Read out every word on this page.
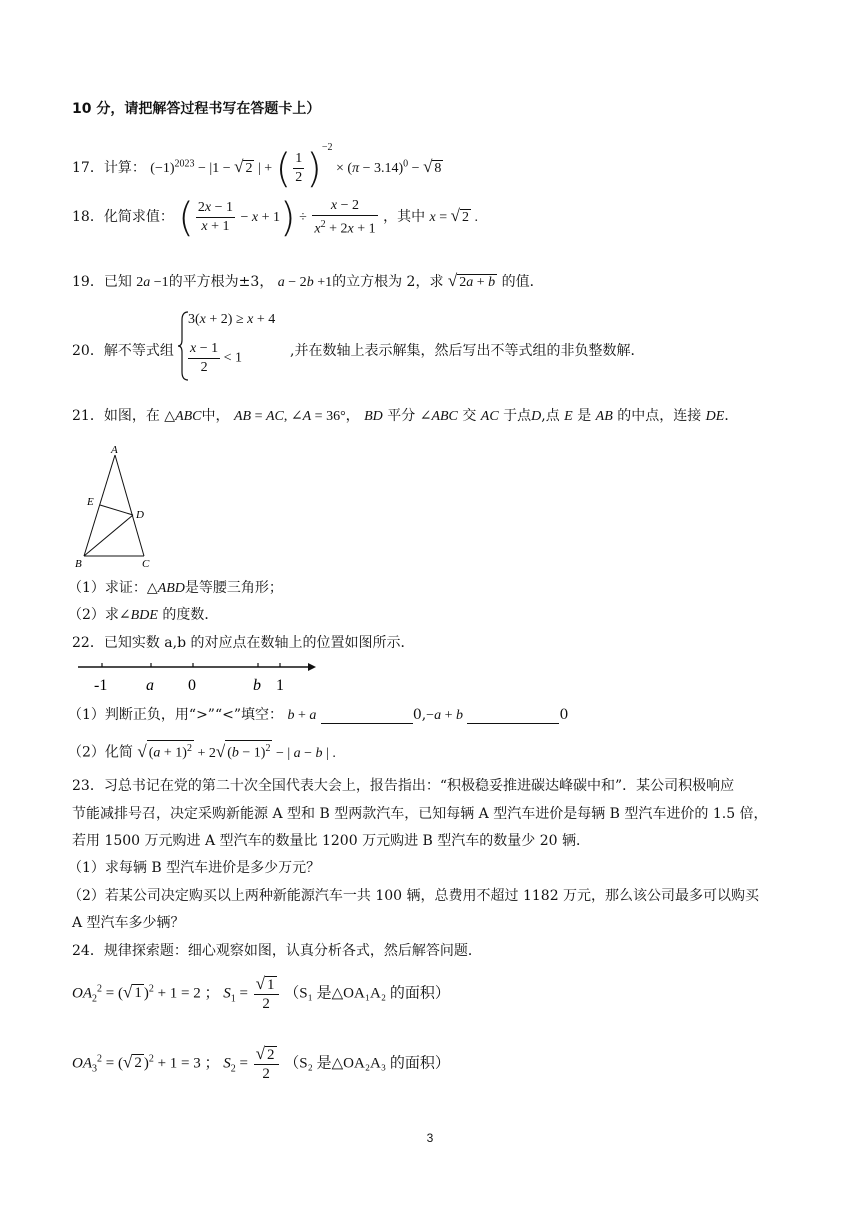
10 分，请把解答过程书写在答题卡上）
17．计算： $(-1)^{2023} - |1$ − √ 2 | + ( $\frac{1}{2} )^{-2} \times (\pi - 3.14)^0$ − √ 8
18．化简求值： ( $\frac{2x - 1}{x + 1} - x + 1) \div \frac{x - 2}{x^2 + 2x + 1}$ ，其中 x = √ 2 .
19．已知 2a −1的平方根为±3， a − 2b +1的立方根为 2，求 √ 2a + b 的值．
20．解不等式组
3(x + 2) ≥ x + 4
$\frac{x - 1}{2} < 1$	,并在数轴上表示解集，然后写出不等式组的非负整数解．
21．如图，在 △ABC中， AB = AC, ∠A = 36°， BD 平分 ∠ABC 交 AC 于点D,点 E 是 AB 的中点，连接 DE．
A
E
D
B	C
（1）求证：△ABD是等腰三角形；
（2）求∠BDE 的度数．
22．已知实数 a,b 的对应点在数轴上的位置如图所示．
-1 a 0	b 1
（1）判断正负，用“>”“<”填空： b + a	0,−a + b	0
（2）化简 √ $(a + 1)^2 + 2√$ $(b - 1)^2$ − | a − b | .
23．习总书记在党的第二十次全国代表大会上，报告指出：“积极稳妥推进碳达峰碳中和”．某公司积极响应
节能减排号召，决定采购新能源 A 型和 B 型两款汽车，已知每辆 A 型汽车进价是每辆 B 型汽车进价的 1.5 倍，
若用 1500 万元购进 A 型汽车的数量比 1200 万元购进 B 型汽车的数量少 20 辆．
（1）求每辆 B 型汽车进价是多少万元？
（2）若某公司决定购买以上两种新能源汽车一共 100 辆，总费用不超过 1182 万元，那么该公司最多可以购买
A 型汽车多少辆？
24．规律探索题：细心观察如图，认真分析各式，然后解答问题．
$OA_2^2$ = (√ 1 )$^2$ + 1 = 2 ； $S_1 = \frac{√ 1}{2} (S_1$ 是△OA₁A₂ 的面积）
$OA_3^2$ = (√ 2 )$^2$ + 1 = 3 ； $S_2 = \frac{√ 2}{2} (S_2$ 是△OA₂A₃ 的面积）
3
